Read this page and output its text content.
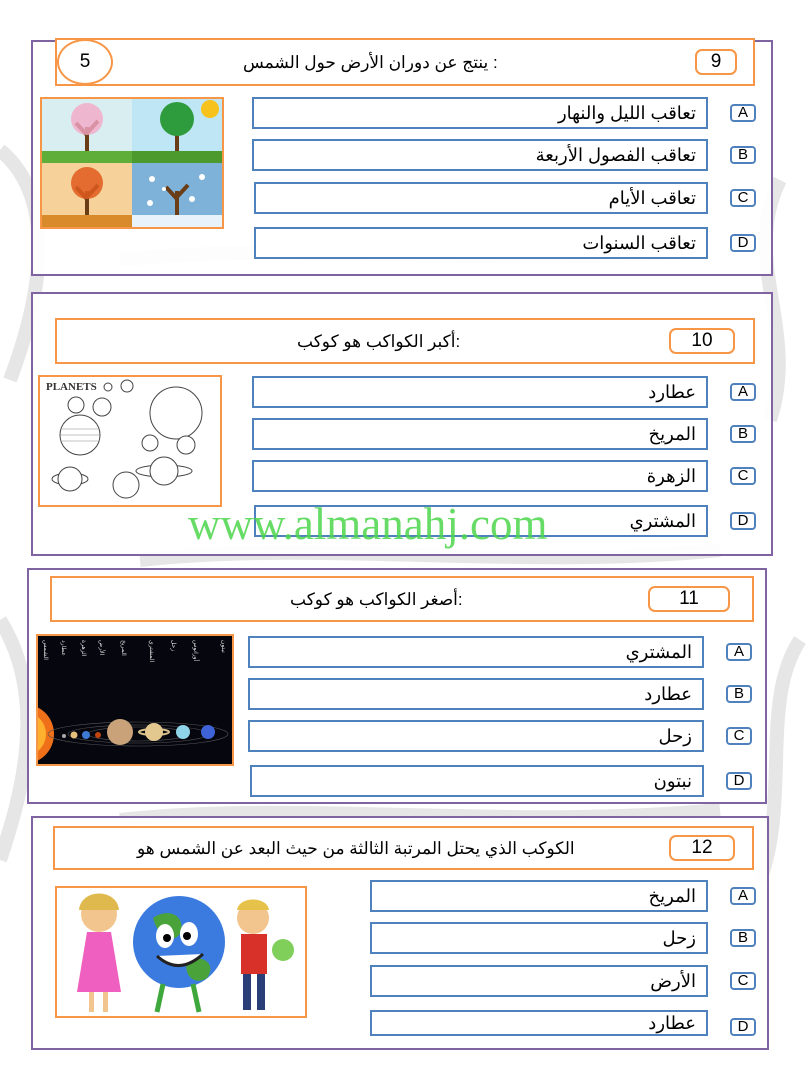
5	: ينتج عن دوران الأرض حول الشمس	9
تعاقب الليل والنهار	A
تعاقب الفصول الأربعة	B
تعاقب الأيام	C
تعاقب السنوات	D
:أكبر الكواكب هو كوكب	10
PLANETS	عطارد	A
المريخ	B
الزهرة	C
المشتري	D
www.almanahj.com
:أصغر الكواكب هو كوكب	11
الشمس عطارد الزهرة الأرض	المريخ	المشتري	زحل	أورانوس	نبتون	المشتري	A
عطارد	B
زحل	C
نبتون	D
الكوكب الذي يحتل المرتبة الثالثة من حيث البعد عن الشمس هو	12
المريخ	A
زحل	B
الأرض	C
عطارد	D
